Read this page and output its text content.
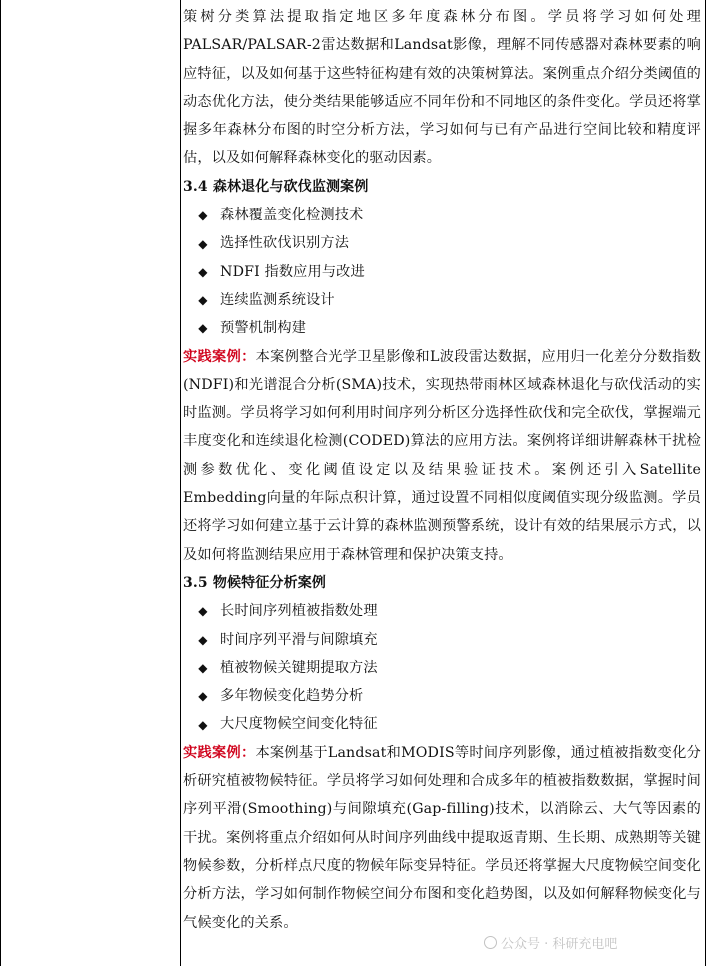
策树分类算法提取指定地区多年度森林分布图。学员将学习如何处理PALSAR/PALSAR-2雷达数据和Landsat影像，理解不同传感器对森林要素的响应特征，以及如何基于这些特征构建有效的决策树算法。案例重点介绍分类阈值的动态优化方法，使分类结果能够适应不同年份和不同地区的条件变化。学员还将掌握多年森林分布图的时空分析方法，学习如何与已有产品进行空间比较和精度评估，以及如何解释森林变化的驱动因素。

3.4 森林退化与砍伐监测案例

◆ 森林覆盖变化检测技术
◆ 选择性砍伐识别方法
◆ NDFI 指数应用与改进
◆ 连续监测系统设计
◆ 预警机制构建

实践案例：本案例整合光学卫星影像和L波段雷达数据，应用归一化差分分数指数(NDFI)和光谱混合分析(SMA)技术，实现热带雨林区域森林退化与砍伐活动的实时监测。学员将学习如何利用时间序列分析区分选择性砍伐和完全砍伐，掌握端元丰度变化和连续退化检测(CODED)算法的应用方法。案例将详细讲解森林干扰检测参数优化、变化阈值设定以及结果验证技术。案例还引入Satellite Embedding向量的年际点积计算，通过设置不同相似度阈值实现分级监测。学员还将学习如何建立基于云计算的森林监测预警系统，设计有效的结果展示方式，以及如何将监测结果应用于森林管理和保护决策支持。

3.5 物候特征分析案例

◆ 长时间序列植被指数处理
◆ 时间序列平滑与间隙填充
◆ 植被物候关键期提取方法
◆ 多年物候变化趋势分析
◆ 大尺度物候空间变化特征

实践案例：本案例基于Landsat和MODIS等时间序列影像，通过植被指数变化分析研究植被物候特征。学员将学习如何处理和合成多年的植被指数数据，掌握时间序列平滑(Smoothing)与间隙填充(Gap-filling)技术，以消除云、大气等因素的干扰。案例将重点介绍如何从时间序列曲线中提取返青期、生长期、成熟期等关键物候参数，分析样点尺度的物候年际变异特征。学员还将掌握大尺度物候空间变化分析方法，学习如何制作物候空间分布图和变化趋势图，以及如何解释物候变化与气候变化的关系。

公众号 · 科研充电吧
